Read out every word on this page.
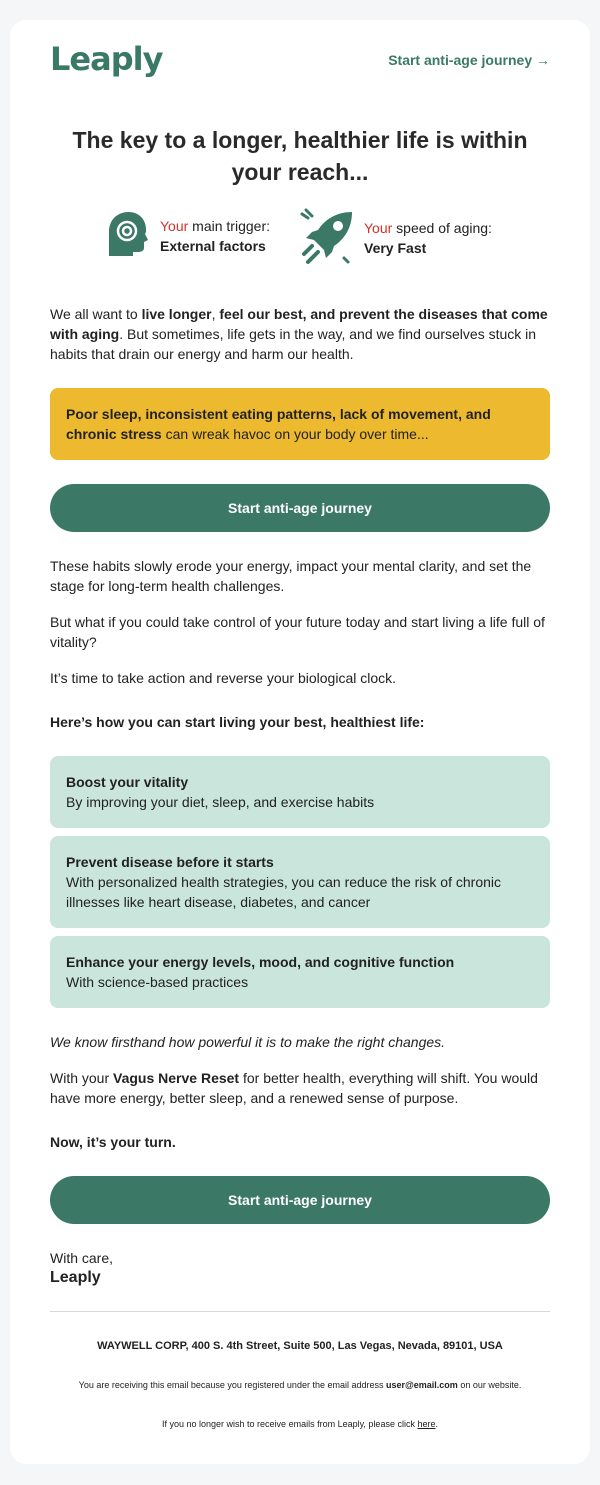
Leaply	Start anti-age journey →
The key to a longer, healthier life is within your reach...
Your main trigger:
External factors
Your speed of aging:
Very Fast

We all want to live longer, feel our best, and prevent the diseases that come with aging. But sometimes, life gets in the way, and we find ourselves stuck in habits that drain our energy and harm our health.

Poor sleep, inconsistent eating patterns, lack of movement, and chronic stress can wreak havoc on your body over time...
Start anti-age journey

These habits slowly erode your energy, impact your mental clarity, and set the stage for long-term health challenges.

But what if you could take control of your future today and start living a life full of vitality?

It’s time to take action and reverse your biological clock.

Here’s how you can start living your best, healthiest life:

Boost your vitality
By improving your diet, sleep, and exercise habits
Prevent disease before it starts
With personalized health strategies, you can reduce the risk of chronic illnesses like heart disease, diabetes, and cancer
Enhance your energy levels, mood, and cognitive function
With science-based practices

We know firsthand how powerful it is to make the right changes.

With your Vagus Nerve Reset for better health, everything will shift. You would have more energy, better sleep, and a renewed sense of purpose.

Now, it’s your turn.

Start anti-age journey

With care,

Leaply

WAYWELL CORP, 400 S. 4th Street, Suite 500, Las Vegas, Nevada, 89101, USA
You are receiving this email because you registered under the email address user@email.com on our website.
If you no longer wish to receive emails from Leaply, please click here.
